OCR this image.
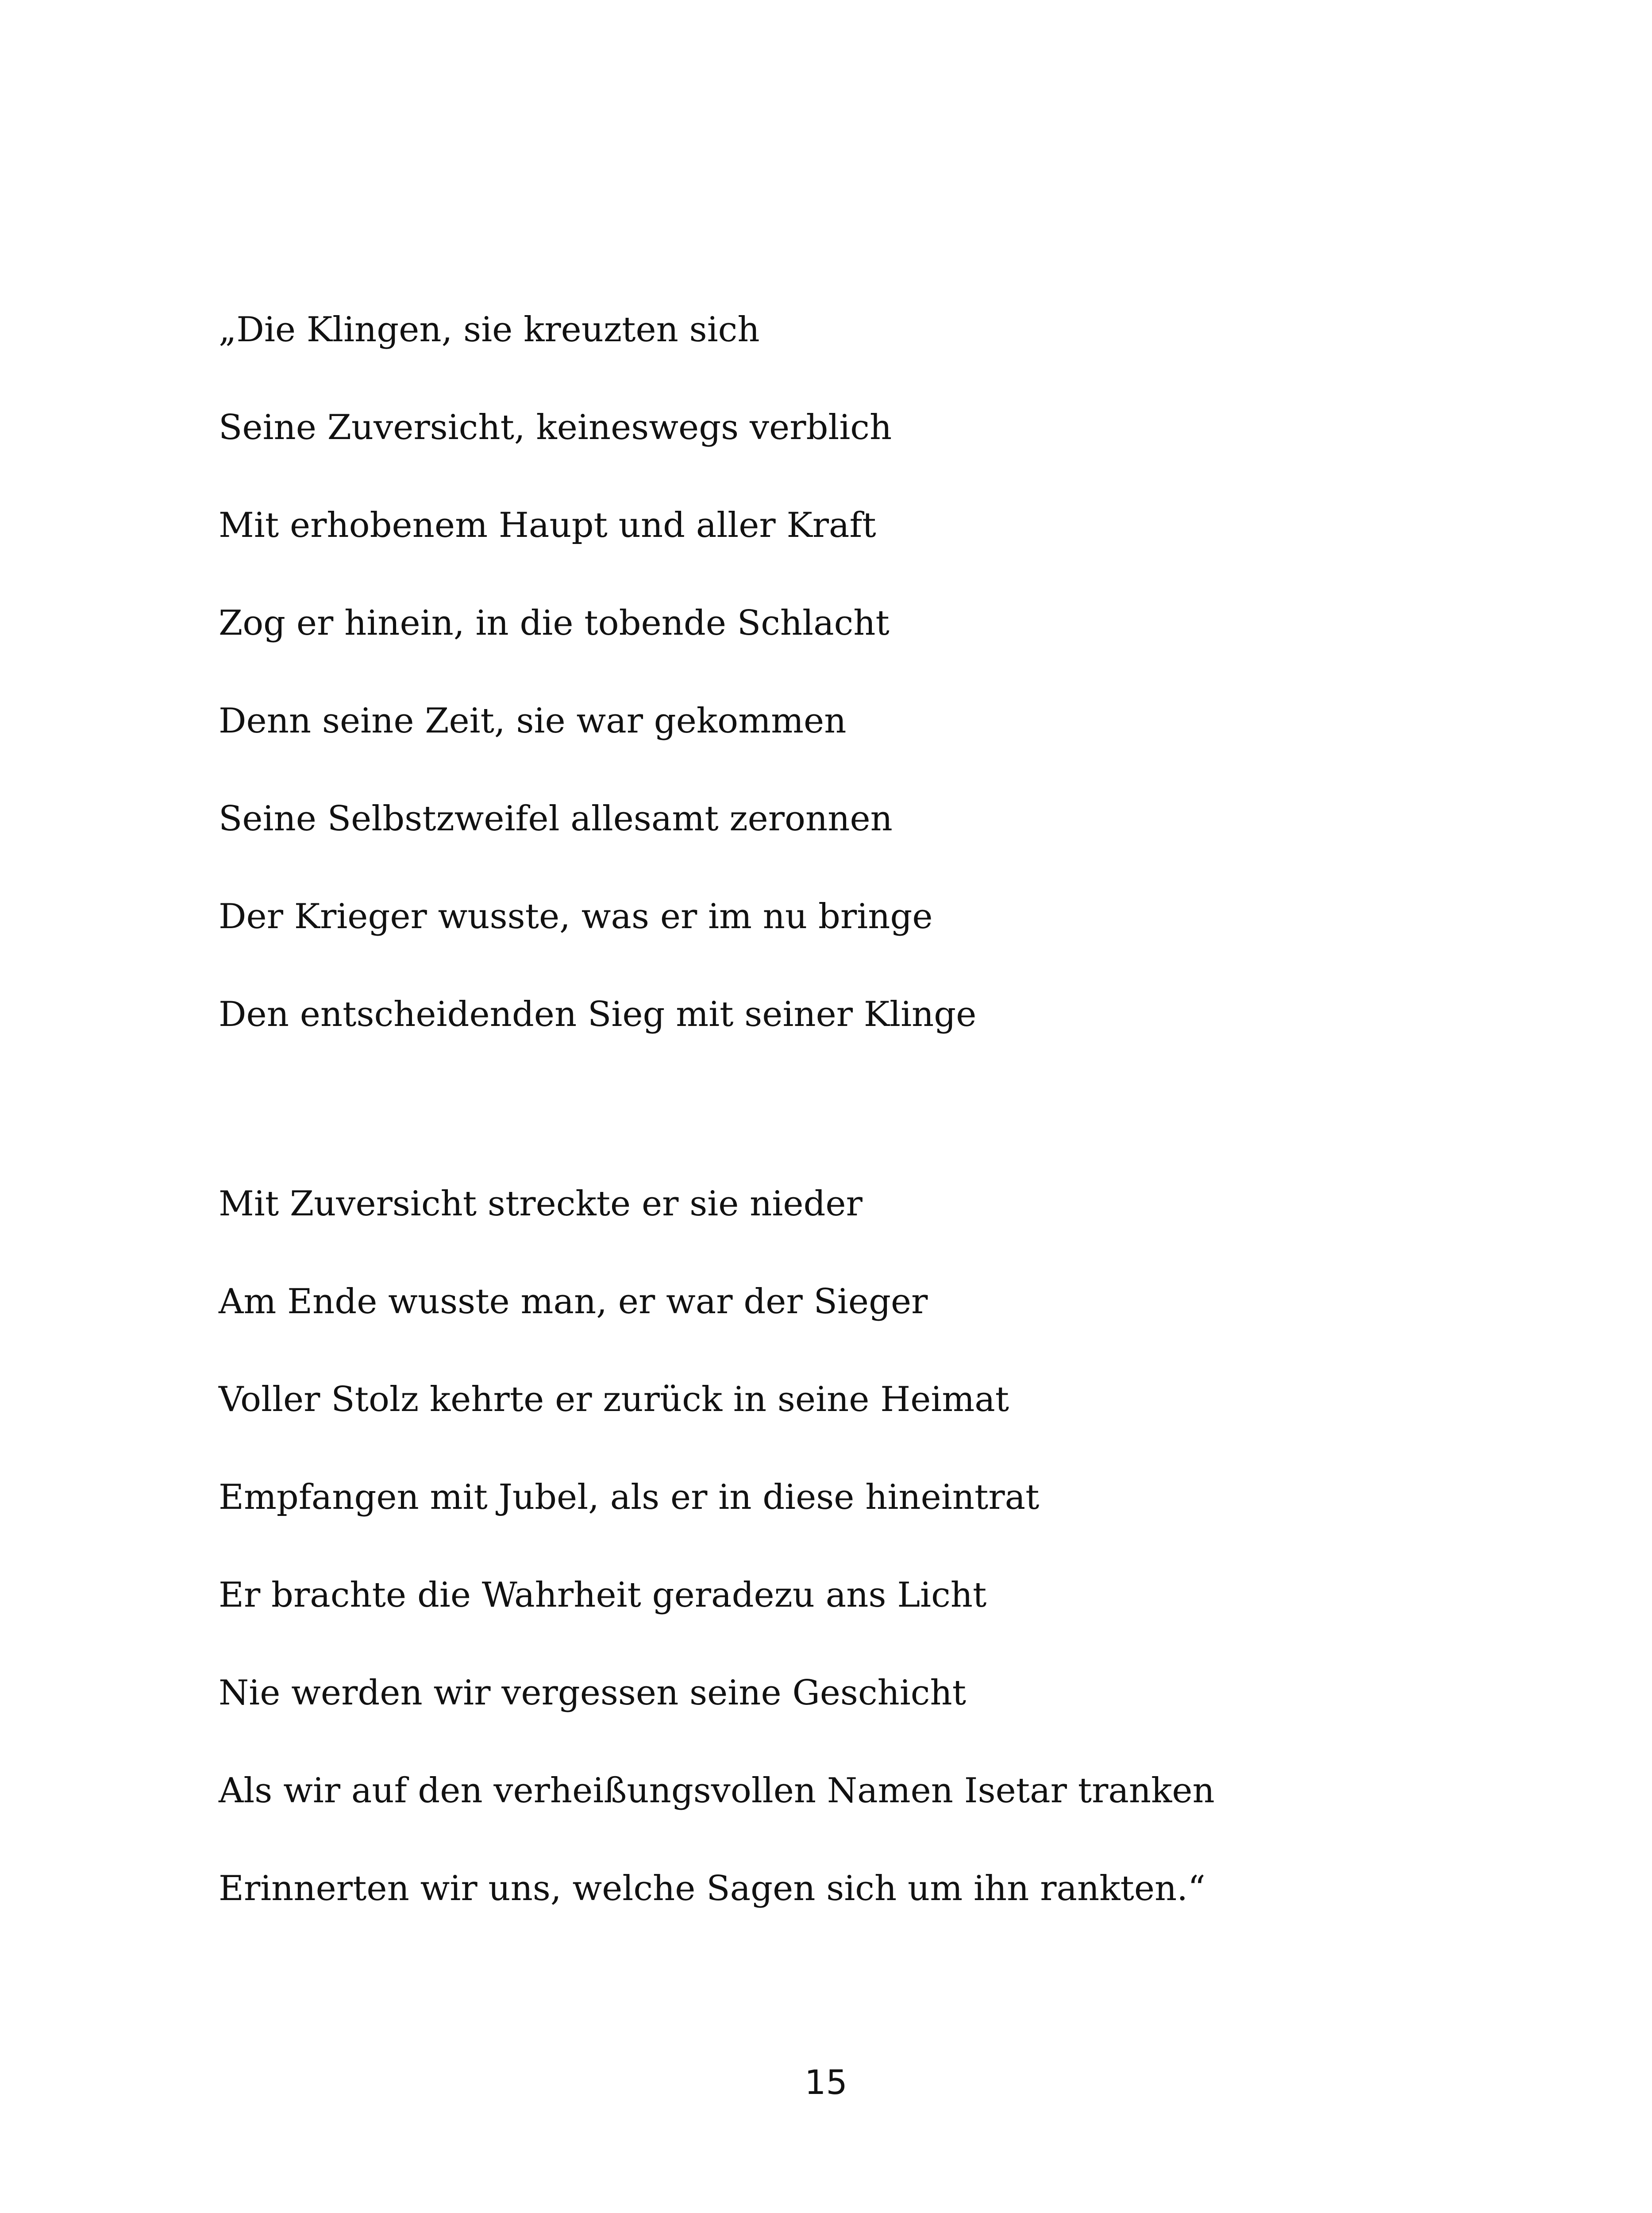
„Die Klingen, sie kreuzten sich
Seine Zuversicht, keineswegs verblich
Mit erhobenem Haupt und aller Kraft
Zog er hinein, in die tobende Schlacht
Denn seine Zeit, sie war gekommen
Seine Selbstzweifel allesamt zeronnen
Der Krieger wusste, was er im nu bringe
Den entscheidenden Sieg mit seiner Klinge
Mit Zuversicht streckte er sie nieder
Am Ende wusste man, er war der Sieger
Voller Stolz kehrte er zurück in seine Heimat
Empfangen mit Jubel, als er in diese hineintrat
Er brachte die Wahrheit geradezu ans Licht
Nie werden wir vergessen seine Geschicht
Als wir auf den verheißungsvollen Namen Isetar tranken
Erinnerten wir uns, welche Sagen sich um ihn rankten.“
15
